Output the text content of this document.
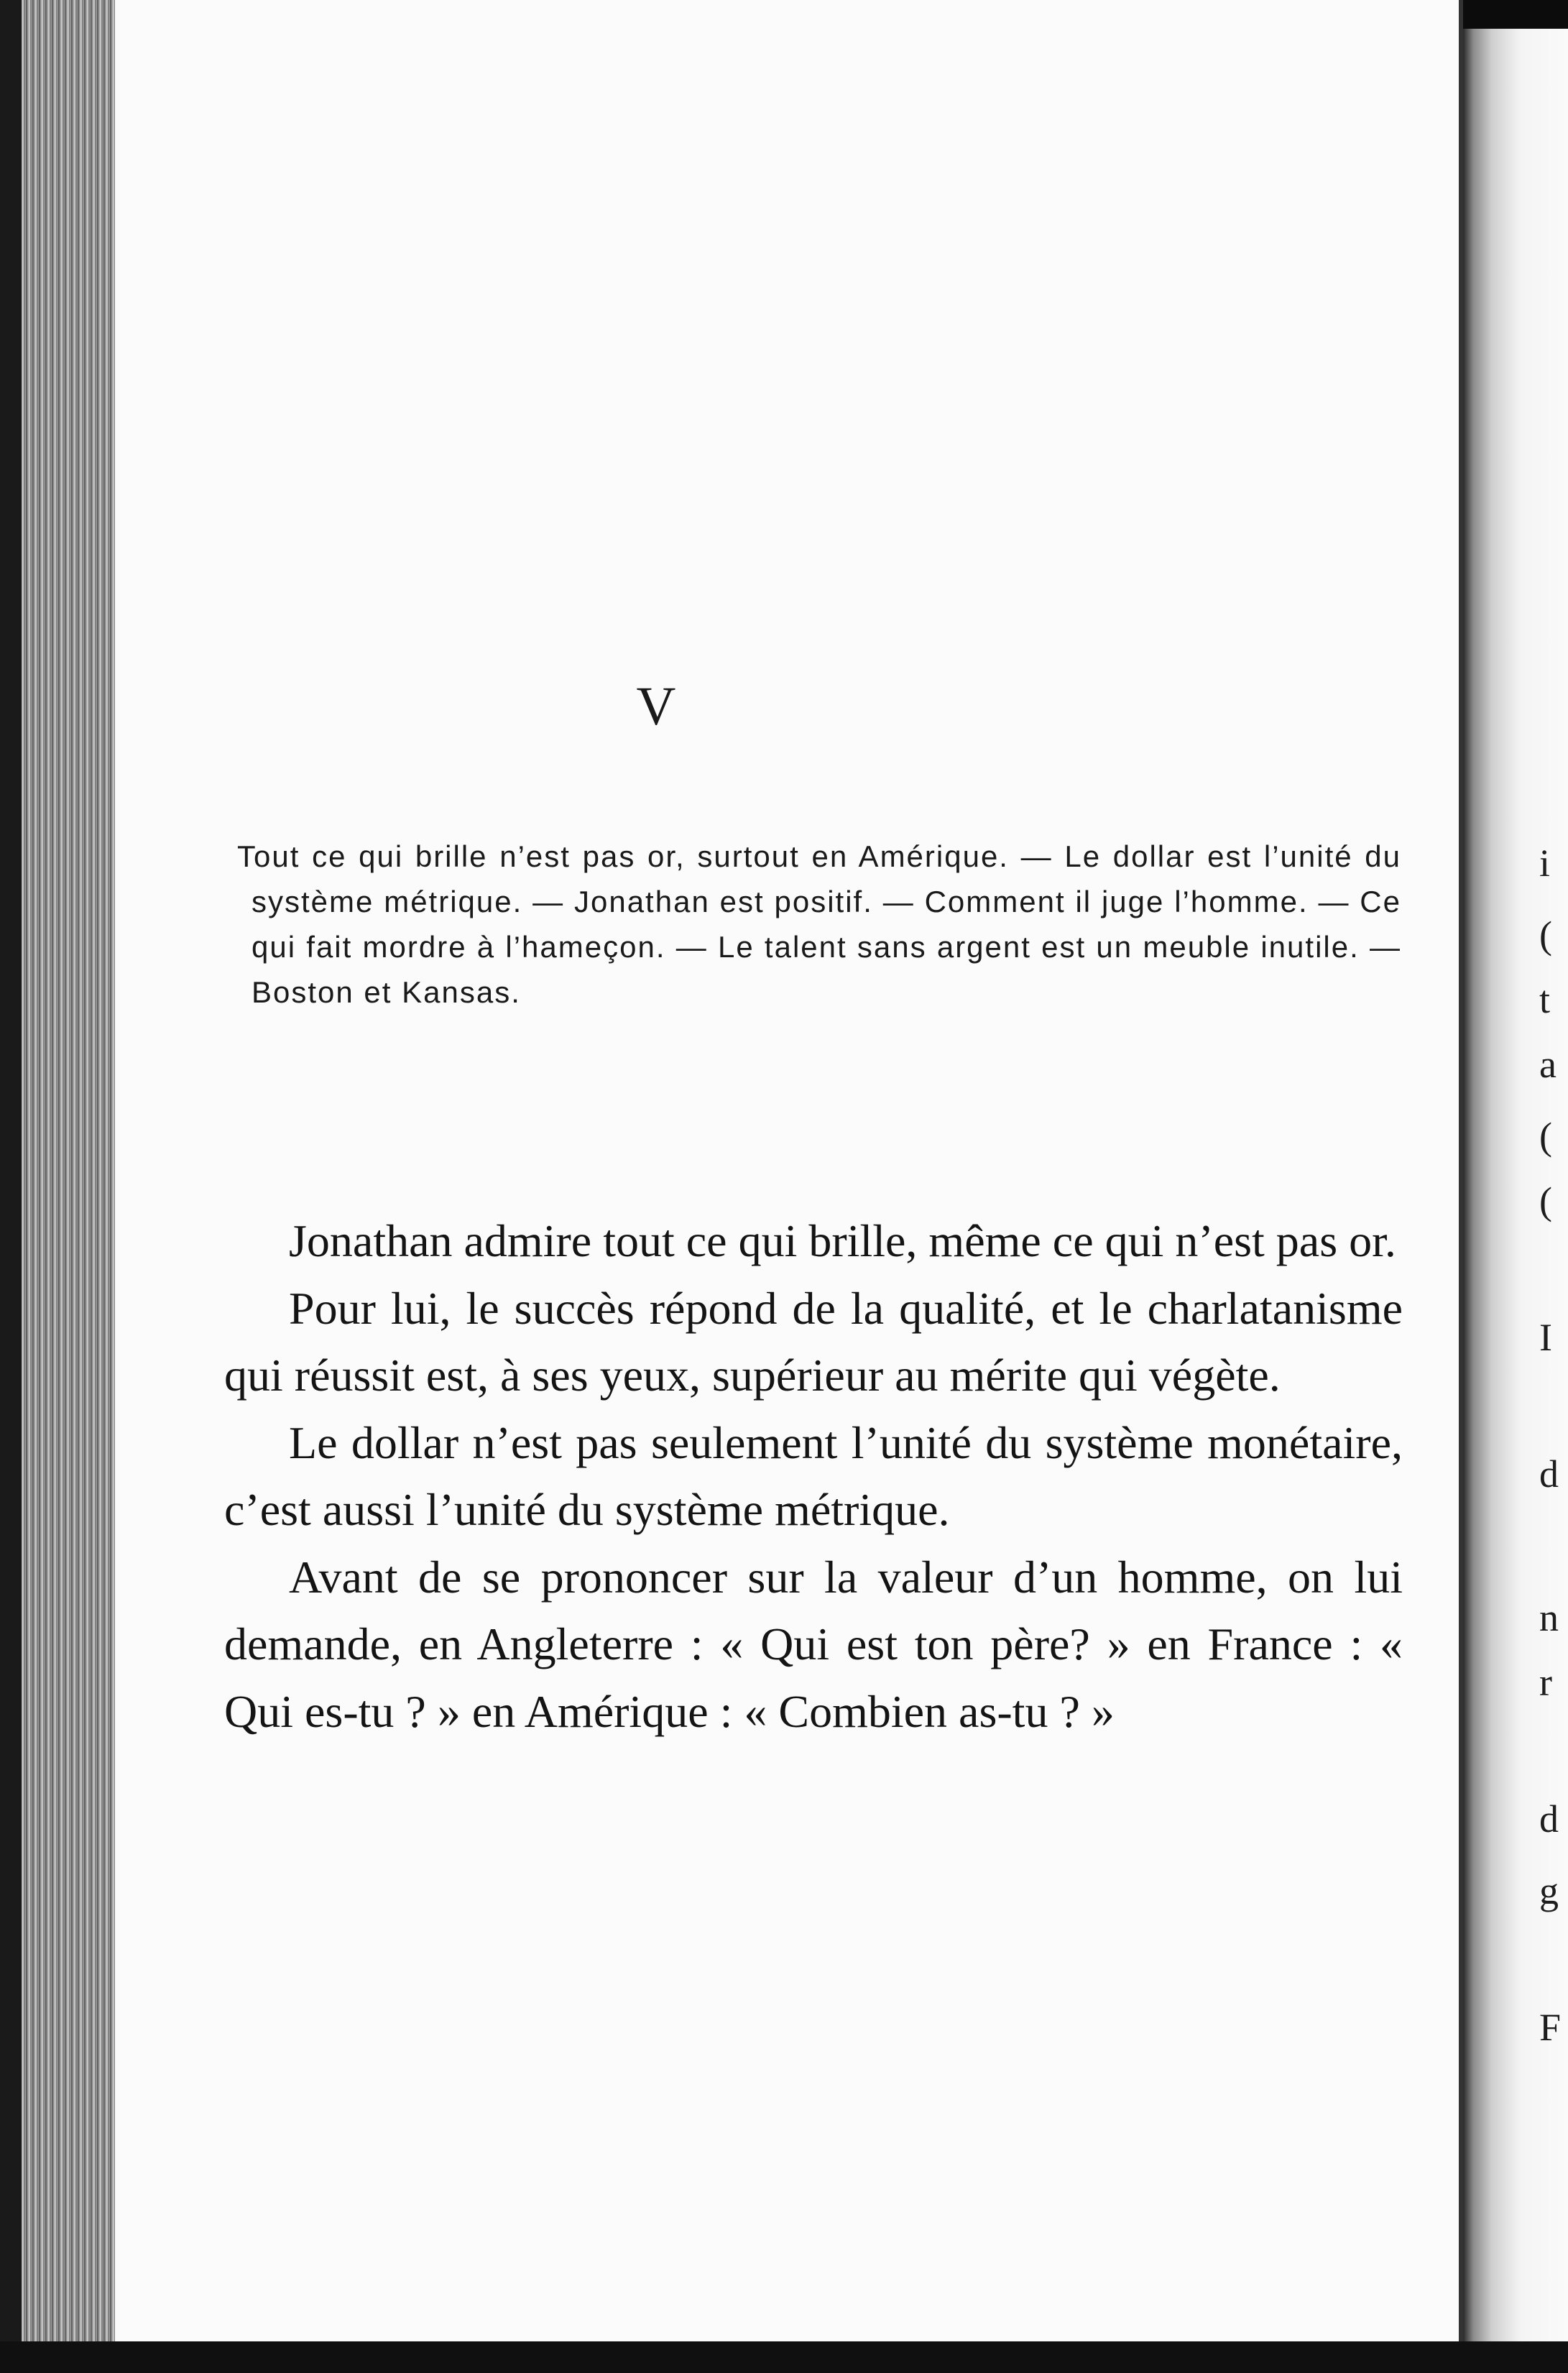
V
Tout ce qui brille n’est pas or, surtout en Amérique. — Le dollar est l’unité du système métrique. — Jonathan est positif. — Comment il juge l’homme. — Ce qui fait mordre à l’hameçon. — Le talent sans argent est un meuble inutile. — Boston et Kansas.

Jonathan admire tout ce qui brille, même ce qui n’est pas or.

Pour lui, le succès répond de la qualité, et le charlatanisme qui réussit est, à ses yeux, supérieur au mérite qui végète.

Le dollar n’est pas seulement l’unité du système monétaire, c’est aussi l’unité du système métrique.

Avant de se prononcer sur la valeur d’un homme, on lui demande, en Angleterre : « Qui est ton père? » en France : « Qui es-tu ? » en Amérique : « Combien as-tu ? »

i
(
t
a
(
(
I
d
n
r
d
g
F
